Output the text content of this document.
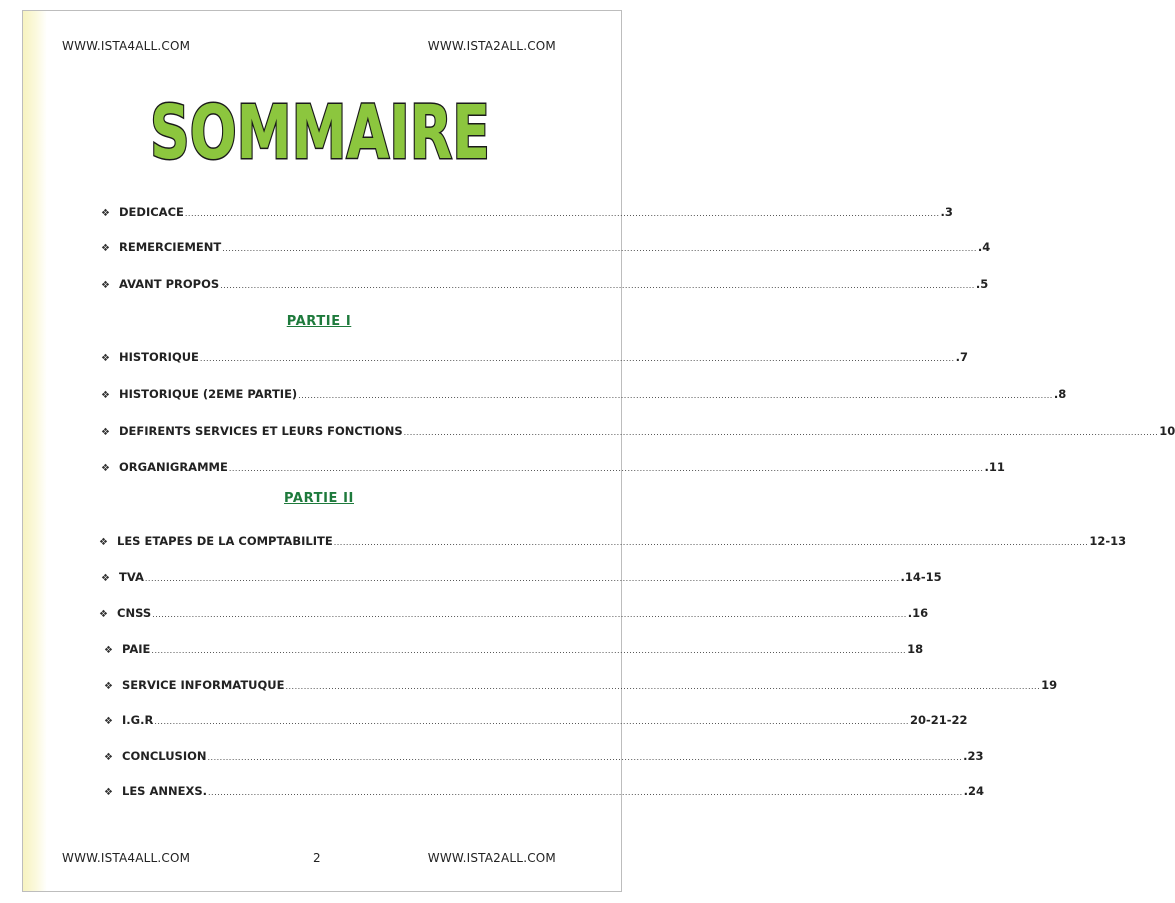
WWW.ISTA4ALL.COM	WWW.ISTA2ALL.COM
SOMMAIRE
❖ DEDICACE .....	.3
❖ REMERCIEMENT .....	.4
❖ AVANT PROPOS .....	.5
PARTIE I
❖ HISTORIQUE .....	.7
❖ HISTORIQUE (2EME PARTIE) .....	.8
❖ DEFIRENTS SERVICES ET LEURS FONCTIONS .....	10
❖ ORGANIGRAMME .....	.11
PARTIE II
❖ LES ETAPES DE LA COMPTABILITE .....	12-13
❖ TVA .....	.14-15
❖ CNSS .....	.16
❖ PAIE .....	18
❖ SERVICE INFORMATUQUE .....	19
❖ I.G.R .....	20-21-22
❖ CONCLUSION .....	.23
❖ LES ANNEXS. .....	.24
WWW.ISTA4ALL.COM	2	WWW.ISTA2ALL.COM
